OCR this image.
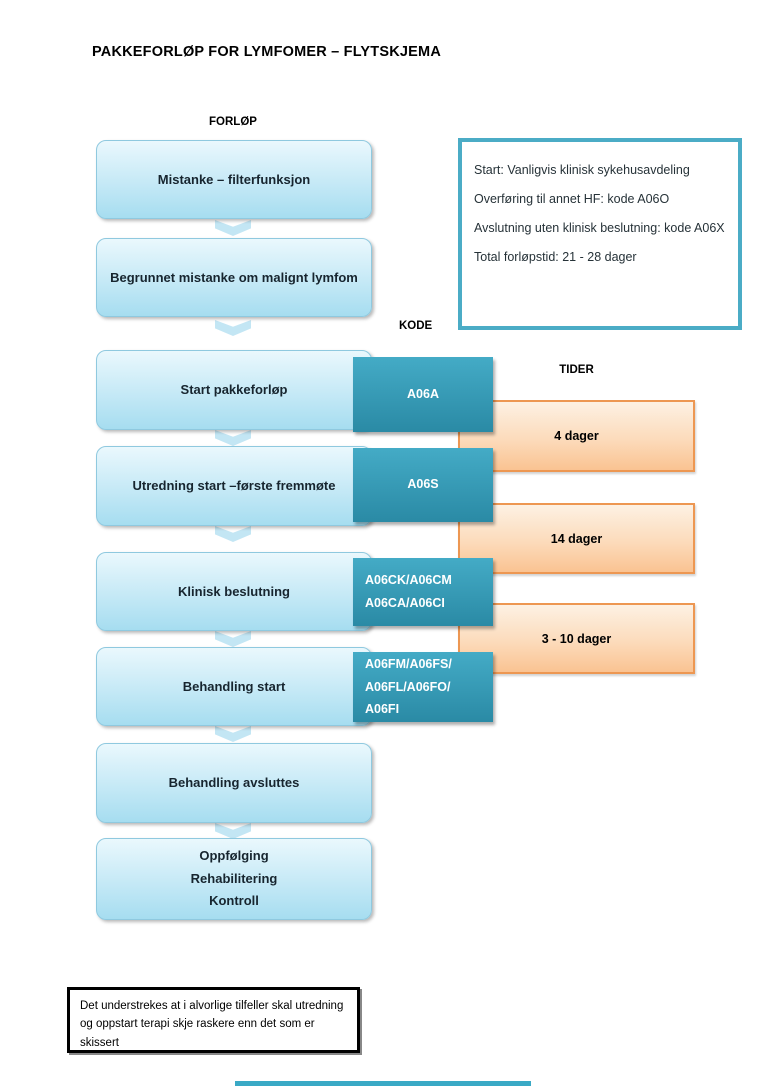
PAKKEFORLØP FOR LYMFOMER – FLYTSKJEMA
FORLØP
KODE
TIDER
Mistanke – filterfunksjon
Begrunnet mistanke om malignt lymfom
Start pakkeforløp
Utredning start –første fremmøte
Klinisk beslutning
Behandling start
Behandling avsluttes
Oppfølging
Rehabilitering
Kontroll
A06A
A06S
A06CK/A06CM
A06CA/A06CI
A06FM/A06FS/
A06FL/A06FO/
A06FI
4 dager
14 dager
3 - 10 dager

Start: Vanligvis klinisk sykehusavdeling

Overføring til annet HF: kode A06O

Avslutning uten klinisk beslutning: kode A06X

Total forløpstid: 21 - 28 dager

Det understrekes at i alvorlige tilfeller skal utredning og oppstart terapi skje raskere enn det som er skissert
